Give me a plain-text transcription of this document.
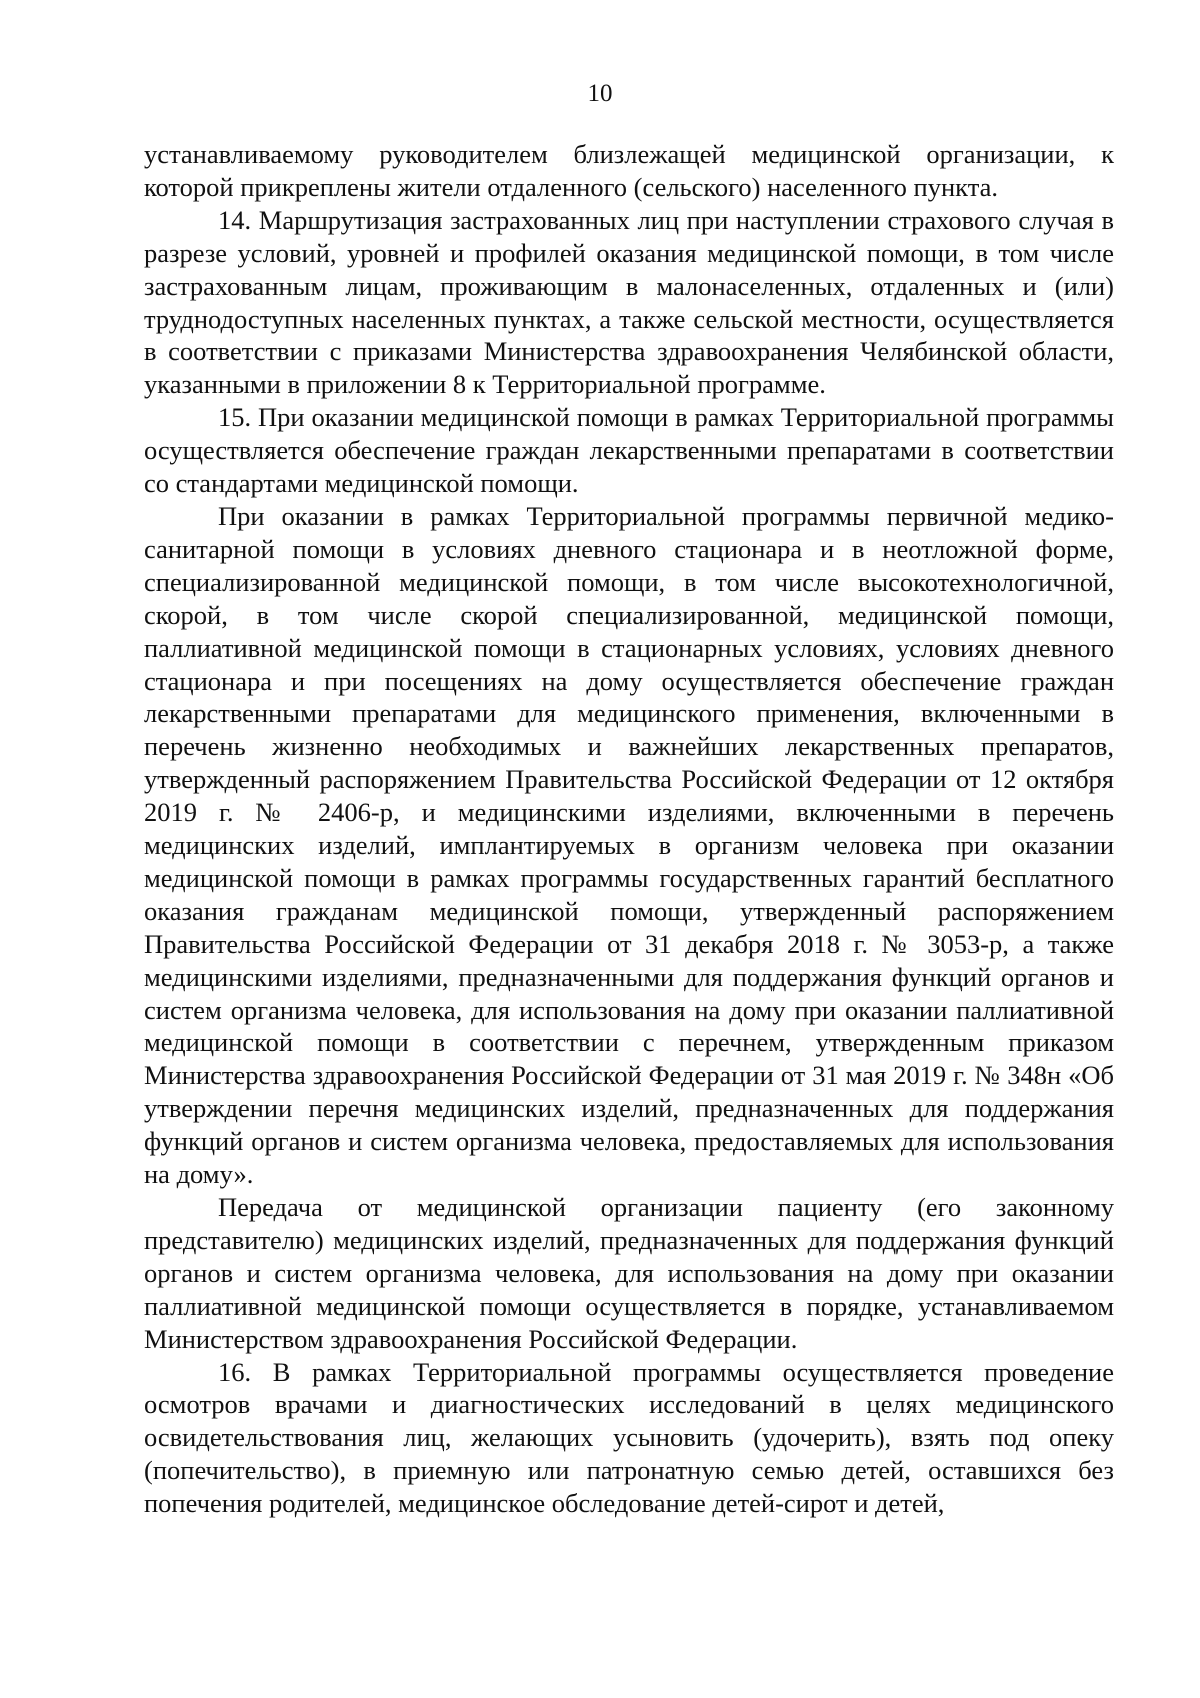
10

устанавливаемому руководителем близлежащей медицинской организации, к которой прикреплены жители отдаленного (сельского) населенного пункта.

14. Маршрутизация застрахованных лиц при наступлении страхового случая в разрезе условий, уровней и профилей оказания медицинской помощи, в том числе застрахованным лицам, проживающим в малонаселенных, отдаленных и (или) труднодоступных населенных пунктах, а также сельской местности, осуществляется в соответствии с приказами Министерства здравоохранения Челябинской области, указанными в приложении 8 к Территориальной программе.

15. При оказании медицинской помощи в рамках Территориальной программы осуществляется обеспечение граждан лекарственными препаратами в соответствии со стандартами медицинской помощи.

При оказании в рамках Территориальной программы первичной медико-санитарной помощи в условиях дневного стационара и в неотложной форме, специализированной медицинской помощи, в том числе высокотехнологичной, скорой, в том числе скорой специализированной, медицинской помощи, паллиативной медицинской помощи в стационарных условиях, условиях дневного стационара и при посещениях на дому осуществляется обеспечение граждан лекарственными препаратами для медицинского применения, включенными в перечень жизненно необходимых и важнейших лекарственных препаратов, утвержденный распоряжением Правительства Российской Федерации от 12 октября 2019 г. № 2406-р, и медицинскими изделиями, включенными в перечень медицинских изделий, имплантируемых в организм человека при оказании медицинской помощи в рамках программы государственных гарантий бесплатного оказания гражданам медицинской помощи, утвержденный распоряжением Правительства Российской Федерации от 31 декабря 2018 г. № 3053-р, а также медицинскими изделиями, предназначенными для поддержания функций органов и систем организма человека, для использования на дому при оказании паллиативной медицинской помощи в соответствии с перечнем, утвержденным приказом Министерства здравоохранения Российской Федерации от 31 мая 2019 г. № 348н «Об утверждении перечня медицинских изделий, предназначенных для поддержания функций органов и систем организма человека, предоставляемых для использования на дому».

Передача от медицинской организации пациенту (его законному представителю) медицинских изделий, предназначенных для поддержания функций органов и систем организма человека, для использования на дому при оказании паллиативной медицинской помощи осуществляется в порядке, устанавливаемом Министерством здравоохранения Российской Федерации.

16. В рамках Территориальной программы осуществляется проведение осмотров врачами и диагностических исследований в целях медицинского освидетельствования лиц, желающих усыновить (удочерить), взять под опеку (попечительство), в приемную или патронатную семью детей, оставшихся без попечения родителей, медицинское обследование детей-сирот и детей,
